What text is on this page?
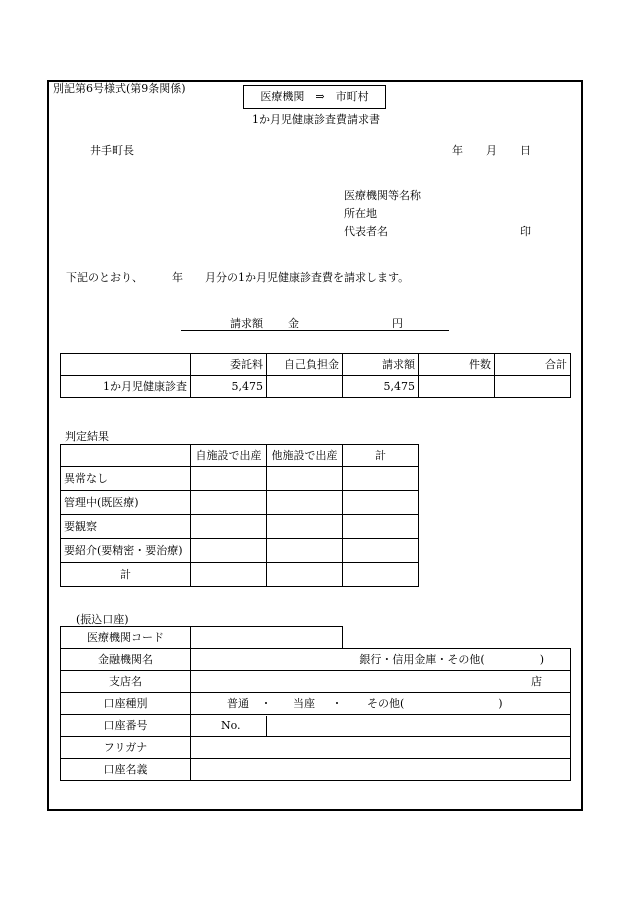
別記第6号様式(第9条関係)
医療機関　⇒　市町村
1か月児健康診査費請求書
井手町長	年 月 日
医療機関等名称
所在地
代表者名	印
下記のとおり、	年 月分の1か月児健康診査費を請求します。
請求額 金	円
	委託料	自己負担金	請求額	件数	合計
1か月児健康診査	5,475		5,475		
判定結果
	自施設で出産	他施設で出産	計
異常なし			
管理中(既医療)			
要観察			
要紹介(要精密・要治療)			
計			
(振込口座)
医療機関コード		
金融機関名	銀行・信用金庫・その他(　　　　　)	
支店名	店	
口座種別	普通 ・ 当座 ・ その他( )	
口座番号	No.	
フリガナ		
口座名義		
